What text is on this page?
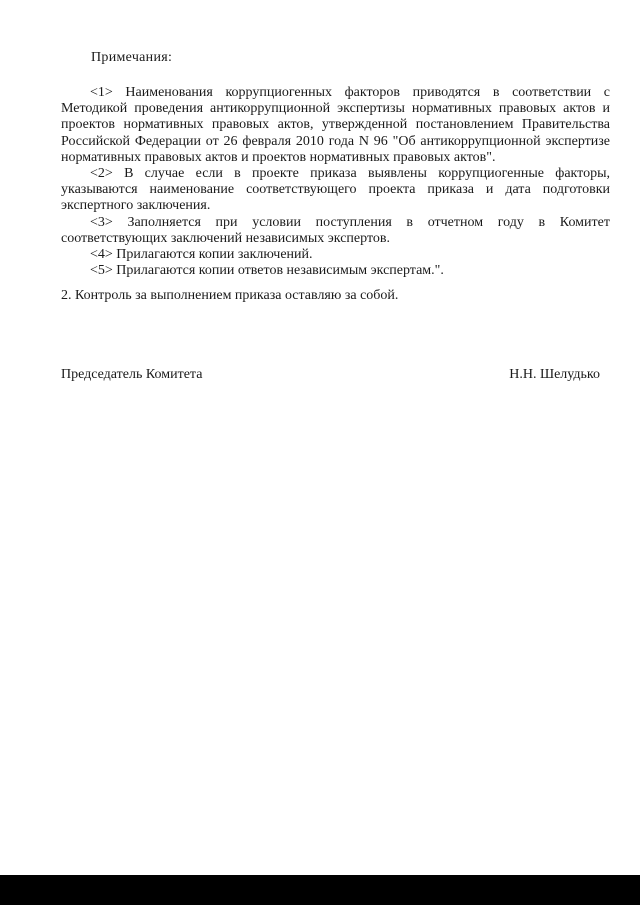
Примечания:

<1> Наименования коррупциогенных факторов приводятся в соответствии с Методикой проведения антикоррупционной экспертизы нормативных правовых актов и проектов нормативных правовых актов, утвержденной постановлением Правительства Российской Федерации от 26 февраля 2010 года N 96 "Об антикоррупционной экспертизе нормативных правовых актов и проектов нормативных правовых актов".

<2> В случае если в проекте приказа выявлены коррупциогенные факторы, указываются наименование соответствующего проекта приказа и дата подготовки экспертного заключения.

<3> Заполняется при условии поступления в отчетном году в Комитет соответствующих заключений независимых экспертов.

<4> Прилагаются копии заключений.

<5> Прилагаются копии ответов независимым экспертам.".

2. Контроль за выполнением приказа оставляю за собой.

Председатель Комитета	Н.Н. Шелудько
